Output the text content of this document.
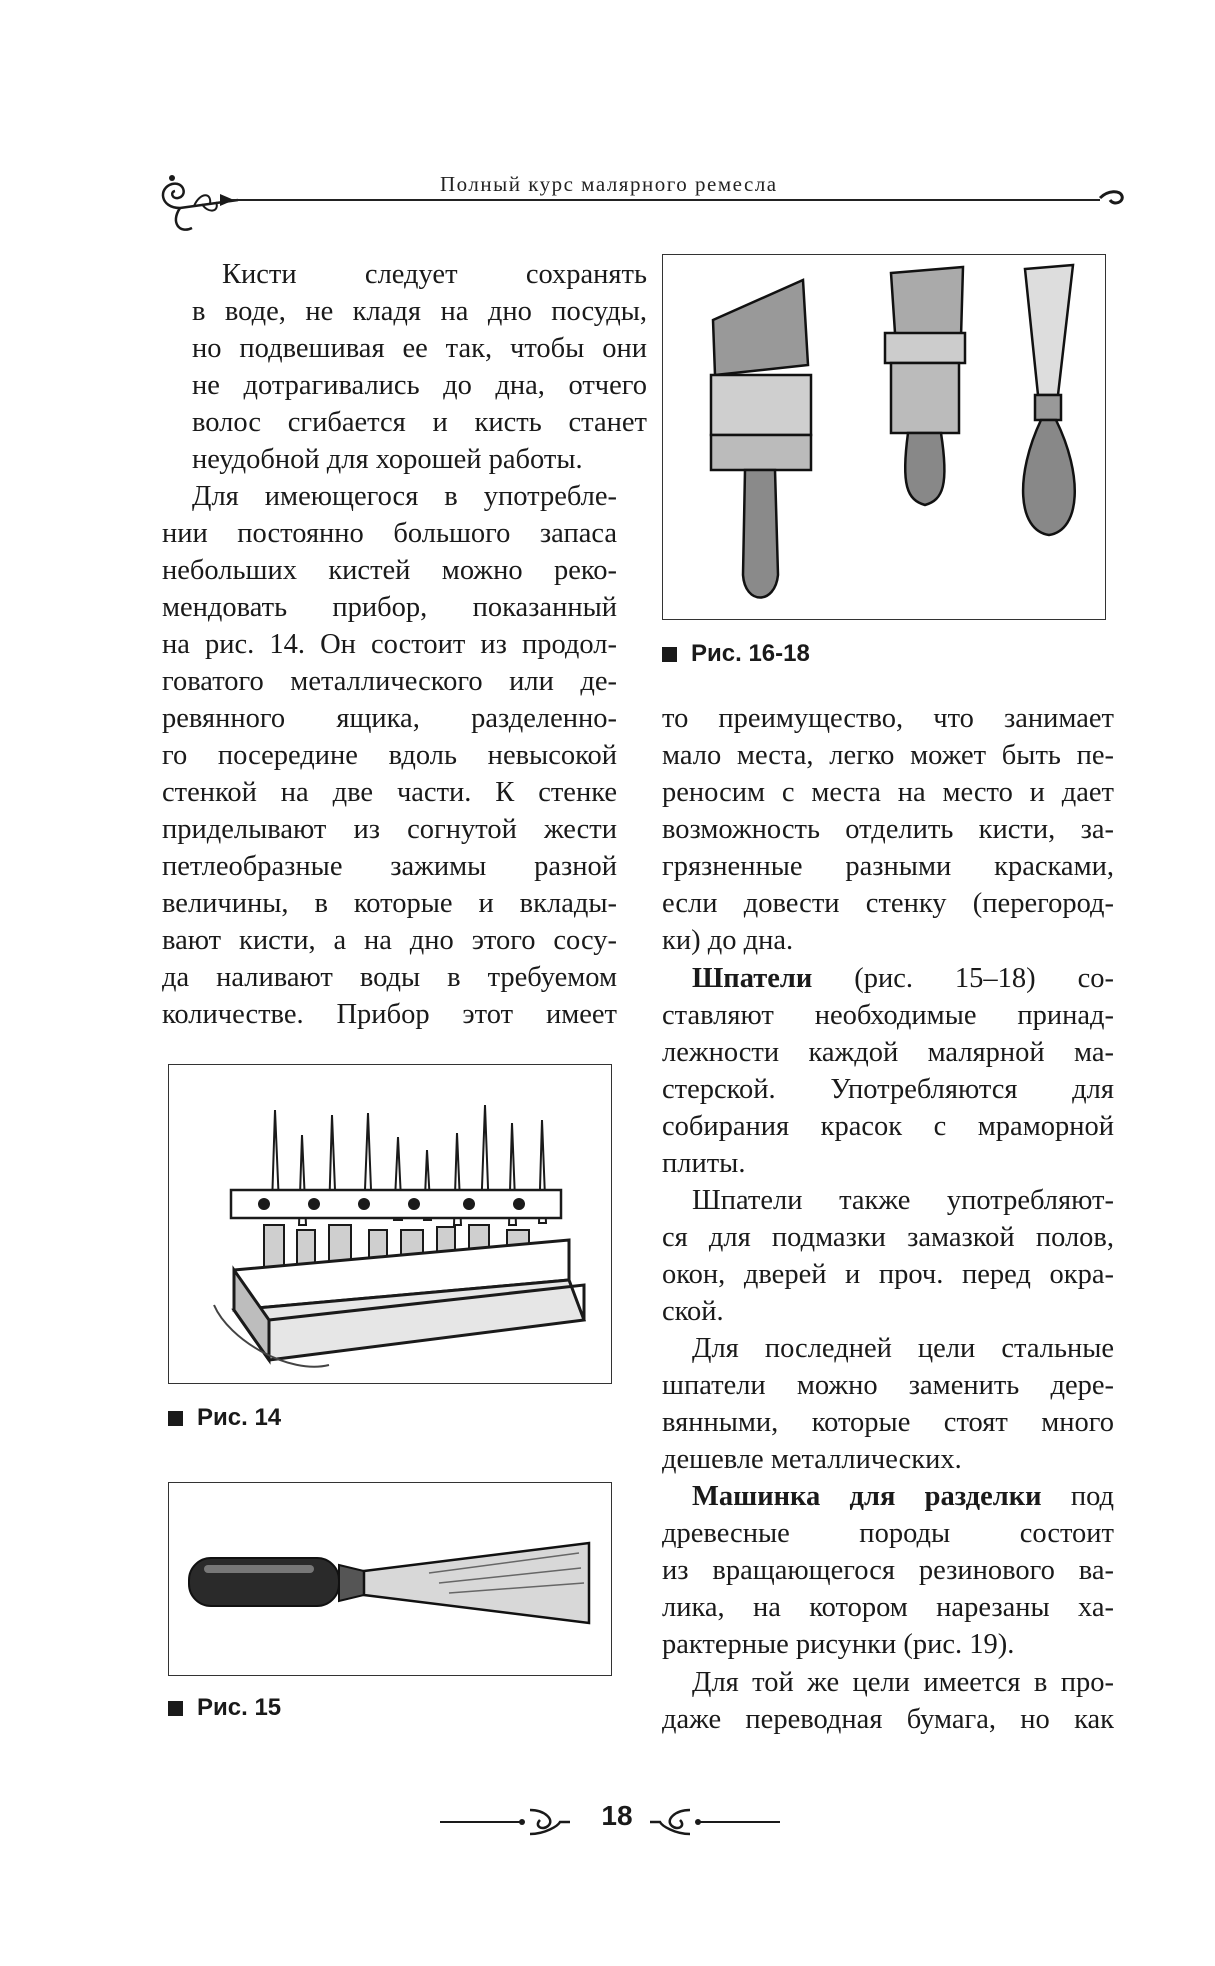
Полный курс малярного ремесла
Кисти следует сохранять
в воде, не кладя на дно посуды,
но подвешивая ее так, чтобы они
не дотрагивались до дна, отчего
волос сгибается и кисть станет
неудобной для хорошей работы.
Для имеющегося в употребле-
нии постоянно большого запаса
небольших кистей можно реко-
мендовать прибор, показанный
на рис. 14. Он состоит из продол-
говатого металлического или де-
ревянного ящика, разделенно-
го посередине вдоль невысокой
стенкой на две части. К стенке
приделывают из согнутой жести
петлеобразные зажимы разной
величины, в которые и вклады-
вают кисти, а на дно этого сосу-
да наливают воды в требуемом
количестве. Прибор этот имеет
Рис. 14
Рис. 15
Рис. 16-18
то преимущество, что занимает
мало места, легко может быть пе-
реносим с места на место и дает
возможность отделить кисти, за-
грязненные разными красками,
если довести стенку (перегород-
ки) до дна.
Шпатели (рис. 15–18) со-
ставляют необходимые принад-
лежности каждой малярной ма-
стерской. Употребляются для
собирания красок с мраморной
плиты.
Шпатели также употребляют-
ся для подмазки замазкой полов,
окон, дверей и проч. перед окра-
ской.
Для последней цели стальные
шпатели можно заменить дере-
вянными, которые стоят много
дешевле металлических.
Машинка для разделки под
древесные породы состоит
из вращающегося резинового ва-
лика, на котором нарезаны ха-
рактерные рисунки (рис. 19).
Для той же цели имеется в про-
даже переводная бумага, но как
18
